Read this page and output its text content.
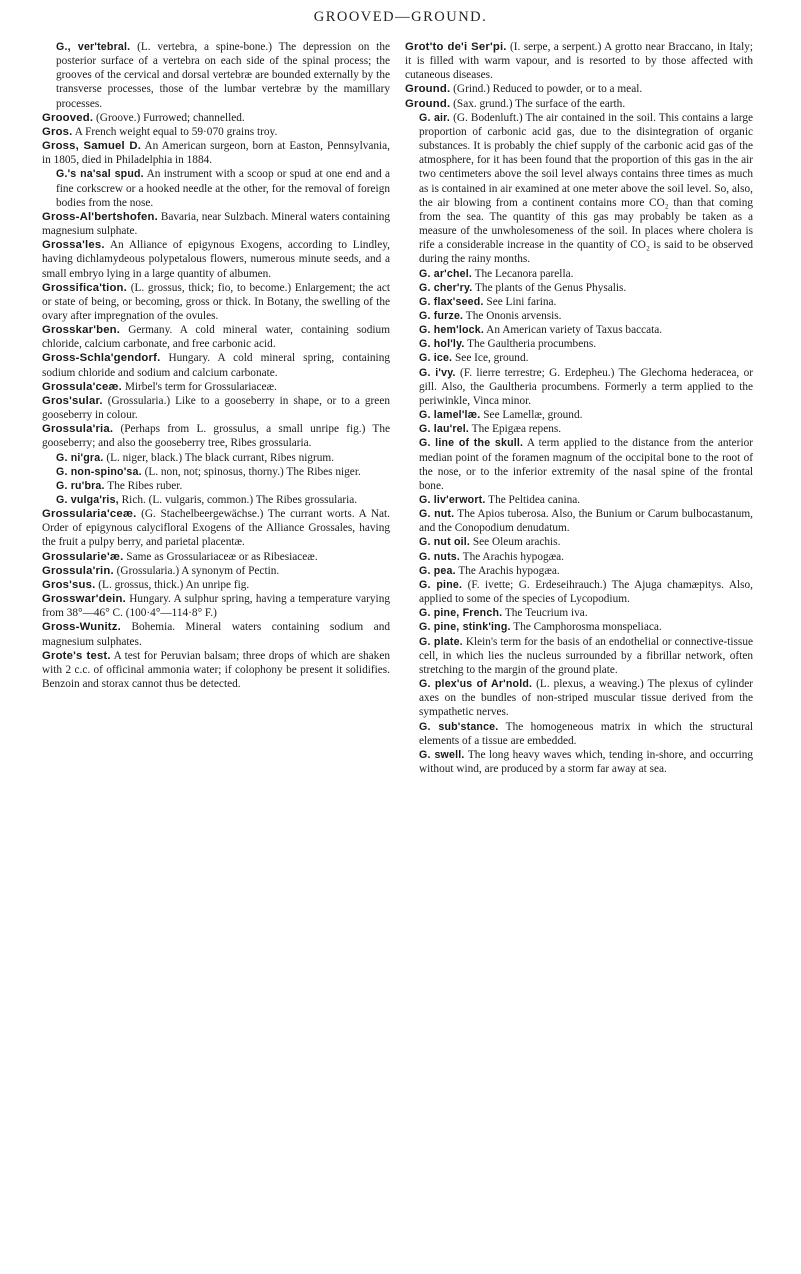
GROOVED—GROUND.

G., ver'tebral. (L. vertebra, a spine-bone.) The depression on the posterior surface of a vertebra on each side of the spinal process; the grooves of the cervical and dorsal vertebræ are bounded externally by the transverse processes, those of the lumbar vertebræ by the mamillary processes.

Grooved. (Groove.) Furrowed; channelled.

Gros. A French weight equal to 59·070 grains troy.

Gross, Samuel D. An American surgeon, born at Easton, Pennsylvania, in 1805, died in Philadelphia in 1884.

G.'s na'sal spud. An instrument with a scoop or spud at one end and a fine corkscrew or a hooked needle at the other, for the removal of foreign bodies from the nose.

Gross-Al'bertshofen. Bavaria, near Sulzbach. Mineral waters containing magnesium sulphate.

Grossa'les. An Alliance of epigynous Exogens, according to Lindley, having dichlamydeous polypetalous flowers, numerous minute seeds, and a small embryo lying in a large quantity of albumen.

Grossifica'tion. (L. grossus, thick; fio, to become.) Enlargement; the act or state of being, or becoming, gross or thick. In Botany, the swelling of the ovary after impregnation of the ovules.

Grosskar'ben. Germany. A cold mineral water, containing sodium chloride, calcium carbonate, and free carbonic acid.

Gross-Schla'gendorf. Hungary. A cold mineral spring, containing sodium chloride and sodium and calcium carbonate.

Grossula'ceæ. Mirbel's term for Grossulariaceæ.

Gros'sular. (Grossularia.) Like to a gooseberry in shape, or to a green gooseberry in colour.

Grossula'ria. (Perhaps from L. grossulus, a small unripe fig.) The gooseberry; and also the gooseberry tree, Ribes grossularia.

G. ni'gra. (L. niger, black.) The black currant, Ribes nigrum.

G. non-spino'sa. (L. non, not; spinosus, thorny.) The Ribes niger.

G. ru'bra. The Ribes ruber.

G. vulga'ris, Rich. (L. vulgaris, common.) The Ribes grossularia.

Grossularia'ceæ. (G. Stachelbeergewächse.) The currant worts. A Nat. Order of epigynous calycifloral Exogens of the Alliance Grossales, having the fruit a pulpy berry, and parietal placentæ.

Grossularie'æ. Same as Grossulariaceæ or as Ribesiaceæ.

Grossula'rin. (Grossularia.) A synonym of Pectin.

Gros'sus. (L. grossus, thick.) An unripe fig.

Grosswar'dein. Hungary. A sulphur spring, having a temperature varying from 38°—46° C. (100·4°—114·8° F.)

Gross-Wunitz. Bohemia. Mineral waters containing sodium and magnesium sulphates.

Grote's test. A test for Peruvian balsam; three drops of which are shaken with 2 c.c. of officinal ammonia water; if colophony be present it solidifies. Benzoin and storax cannot thus be detected.

Grot'to de'i Ser'pi. (I. serpe, a serpent.) A grotto near Braccano, in Italy; it is filled with warm vapour, and is resorted to by those affected with cutaneous diseases.

Ground. (Grind.) Reduced to powder, or to a meal.

Ground. (Sax. grund.) The surface of the earth.

G. air. (G. Bodenluft.) The air contained in the soil. This contains a large proportion of carbonic acid gas, due to the disintegration of organic substances. It is probably the chief supply of the carbonic acid gas of the atmosphere, for it has been found that the proportion of this gas in the air two centimeters above the soil level always contains three times as much as is contained in air examined at one meter above the soil level. So, also, the air blowing from a continent contains more CO₂ than that coming from the sea. The quantity of this gas may probably be taken as a measure of the unwholesomeness of the soil. In places where cholera is rife a considerable increase in the quantity of CO₂ is said to be observed during the rainy months.

G. ar'chel. The Lecanora parella.

G. cher'ry. The plants of the Genus Physalis.

G. flax'seed. See Lini farina.

G. furze. The Ononis arvensis.

G. hem'lock. An American variety of Taxus baccata.

G. hol'ly. The Gaultheria procumbens.

G. ice. See Ice, ground.

G. i'vy. (F. lierre terrestre; G. Erdepheu.) The Glechoma hederacea, or gill. Also, the Gaultheria procumbens. Formerly a term applied to the periwinkle, Vinca minor.

G. lamel'læ. See Lamellæ, ground.

G. lau'rel. The Epigæa repens.

G. line of the skull. A term applied to the distance from the anterior median point of the foramen magnum of the occipital bone to the root of the nose, or to the inferior extremity of the nasal spine of the frontal bone.

G. liv'erwort. The Peltidea canina.

G. nut. The Apios tuberosa. Also, the Bunium or Carum bulbocastanum, and the Conopodium denudatum.

G. nut oil. See Oleum arachis.

G. nuts. The Arachis hypogæa.

G. pea. The Arachis hypogæa.

G. pine. (F. ivette; G. Erdeseihrauch.) The Ajuga chamæpitys. Also, applied to some of the species of Lycopodium.

G. pine, French. The Teucrium iva.

G. pine, stink'ing. The Camphorosma monspeliaca.

G. plate. Klein's term for the basis of an endothelial or connective-tissue cell, in which lies the nucleus surrounded by a fibrillar network, often stretching to the margin of the ground plate.

G. plex'us of Ar'nold. (L. plexus, a weaving.) The plexus of cylinder axes on the bundles of non-striped muscular tissue derived from the sympathetic nerves.

G. sub'stance. The homogeneous matrix in which the structural elements of a tissue are embedded.

G. swell. The long heavy waves which, tending in-shore, and occurring without wind, are produced by a storm far away at sea.
